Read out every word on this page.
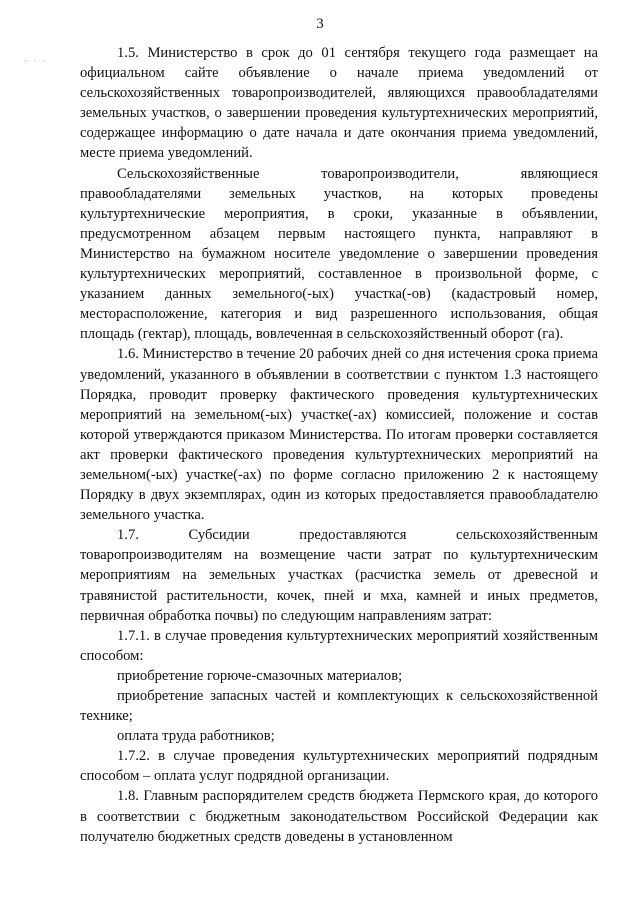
3
· · ·	1.5. Министерство в срок до 01 сентября текущего года размещает на официальном сайте объявление о начале приема уведомлений от сельскохозяйственных товаропроизводителей, являющихся правообладателями земельных участков, о завершении проведения культуртехнических мероприятий, содержащее информацию о дате начала и дате окончания приема уведомлений, месте приема уведомлений.

Сельскохозяйственные товаропроизводители, являющиеся правообладателями земельных участков, на которых проведены культуртехнические мероприятия, в сроки, указанные в объявлении, предусмотренном абзацем первым настоящего пункта, направляют в Министерство на бумажном носителе уведомление о завершении проведения культуртехнических мероприятий, составленное в произвольной форме, с указанием данных земельного(-ых) участка(-ов) (кадастровый номер, месторасположение, категория и вид разрешенного использования, общая площадь (гектар), площадь, вовлеченная в сельскохозяйственный оборот (га).

1.6. Министерство в течение 20 рабочих дней со дня истечения срока приема уведомлений, указанного в объявлении в соответствии с пунктом 1.3 настоящего Порядка, проводит проверку фактического проведения культуртехнических мероприятий на земельном(-ых) участке(-ах) комиссией, положение и состав которой утверждаются приказом Министерства. По итогам проверки составляется акт проверки фактического проведения культуртехнических мероприятий на земельном(-ых) участке(-ах) по форме согласно приложению 2 к настоящему Порядку в двух экземплярах, один из которых предоставляется правообладателю земельного участка.

1.7. Субсидии предоставляются сельскохозяйственным товаропроизводителям на возмещение части затрат по культуртехническим мероприятиям на земельных участках (расчистка земель от древесной и травянистой растительности, кочек, пней и мха, камней и иных предметов, первичная обработка почвы) по следующим направлениям затрат:

1.7.1. в случае проведения культуртехнических мероприятий хозяйственным способом:

приобретение горюче-смазочных материалов;

приобретение запасных частей и комплектующих к сельскохозяйственной технике;

оплата труда работников;

1.7.2. в случае проведения культуртехнических мероприятий подрядным способом – оплата услуг подрядной организации.

1.8. Главным распорядителем средств бюджета Пермского края, до которого в соответствии с бюджетным законодательством Российской Федерации как получателю бюджетных средств доведены в установленном
